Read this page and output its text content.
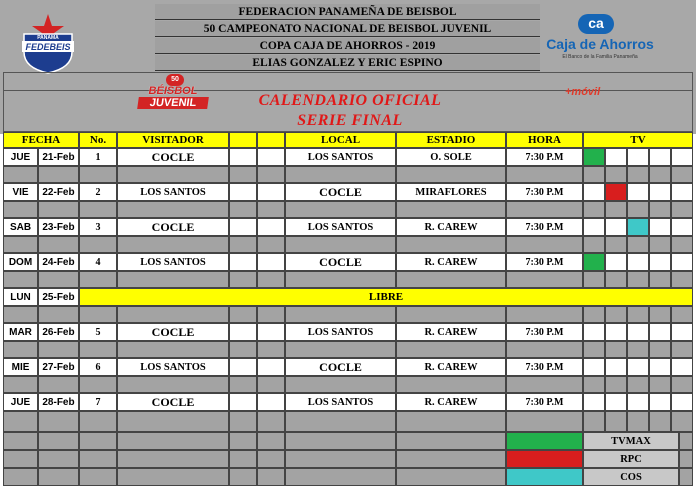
PANAMÁ
FEDEBEIS
FEDERACION PANAMEÑA DE BEISBOL
50 CAMPEONATO NACIONAL DE BEISBOL JUVENIL
COPA CAJA DE AHORROS - 2019
ELIAS GONZALEZ Y ERIC ESPINO
ca
Caja de Ahorros
El Banco de la Familia Panameña
50
BÉISBOL
JUVENIL
+móvil
CALENDARIO OFICIAL
SERIE FINAL
FECHA	No.	VISITADOR	LOCAL	ESTADIO	HORA	TV
JUE	21-Feb	1	COCLE	LOS SANTOS	O. SOLE	7:30 P.M
VIE	22-Feb	2	LOS SANTOS	COCLE	MIRAFLORES	7:30 P.M
SAB	23-Feb	3	COCLE	LOS SANTOS	R. CAREW	7:30 P.M
DOM	24-Feb	4	LOS SANTOS	COCLE	R. CAREW	7:30 P.M
LUN	25-Feb	LIBRE
MAR	26-Feb	5	COCLE	LOS SANTOS	R. CAREW	7:30 P.M
MIE	27-Feb	6	LOS SANTOS	COCLE	R. CAREW	7:30 P.M
JUE	28-Feb	7	COCLE	LOS SANTOS	R. CAREW	7:30 P.M
TVMAX
RPC
COS
